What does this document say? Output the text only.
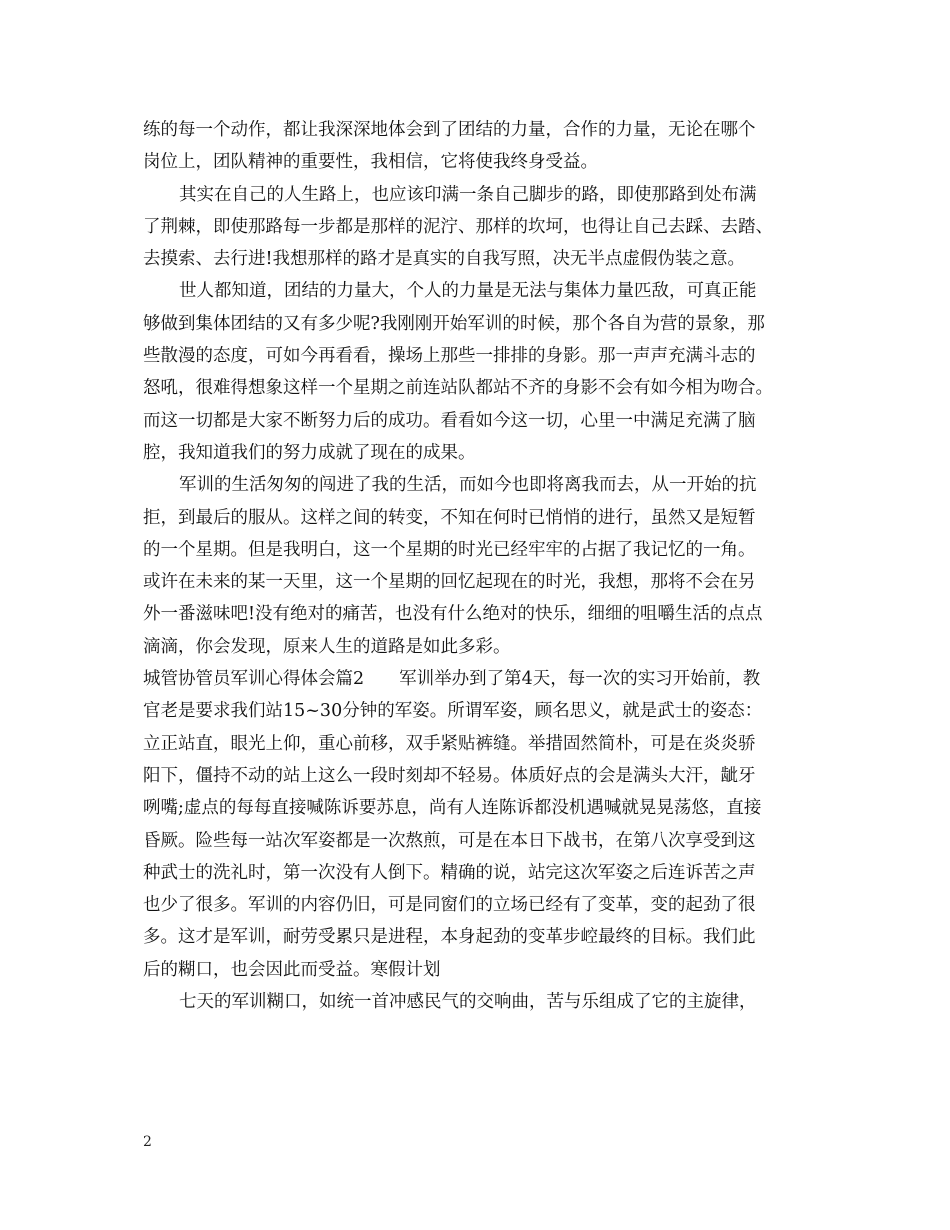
练的每一个动作，都让我深深地体会到了团结的力量，合作的力量，无论在哪个
岗位上，团队精神的重要性，我相信，它将使我终身受益。
其实在自己的人生路上，也应该印满一条自己脚步的路，即使那路到处布满
了荆棘，即使那路每一步都是那样的泥泞、那样的坎坷，也得让自己去踩、去踏、
去摸索、去行进!我想那样的路才是真实的自我写照，决无半点虚假伪装之意。
世人都知道，团结的力量大，个人的力量是无法与集体力量匹敌，可真正能
够做到集体团结的又有多少呢?我刚刚开始军训的时候，那个各自为营的景象，那
些散漫的态度，可如今再看看，操场上那些一排排的身影。那一声声充满斗志的
怒吼，很难得想象这样一个星期之前连站队都站不齐的身影不会有如今相为吻合。
而这一切都是大家不断努力后的成功。看看如今这一切，心里一中满足充满了脑
腔，我知道我们的努力成就了现在的成果。
军训的生活匆匆的闯进了我的生活，而如今也即将离我而去，从一开始的抗
拒，到最后的服从。这样之间的转变，不知在何时已悄悄的进行，虽然又是短暂
的一个星期。但是我明白，这一个星期的时光已经牢牢的占据了我记忆的一角。
或许在未来的某一天里，这一个星期的回忆起现在的时光，我想，那将不会在另
外一番滋味吧!没有绝对的痛苦，也没有什么绝对的快乐，细细的咀嚼生活的点点
滴滴，你会发现，原来人生的道路是如此多彩。
城管协管员军训心得体会篇2　　军训举办到了第4天，每一次的实习开始前，教
官老是要求我们站15~30分钟的军姿。所谓军姿，顾名思义，就是武士的姿态：
立正站直，眼光上仰，重心前移，双手紧贴裤缝。举措固然简朴，可是在炎炎骄
阳下，僵持不动的站上这么一段时刻却不轻易。体质好点的会是满头大汗，龇牙
咧嘴;虚点的每每直接喊陈诉要苏息，尚有人连陈诉都没机遇喊就晃晃荡悠，直接
昏厥。险些每一站次军姿都是一次熬煎，可是在本日下战书，在第八次享受到这
种武士的洗礼时，第一次没有人倒下。精确的说，站完这次军姿之后连诉苦之声
也少了很多。军训的内容仍旧，可是同窗们的立场已经有了变革，变的起劲了很
多。这才是军训，耐劳受累只是进程，本身起劲的变革步崆最终的目标。我们此
后的糊口，也会因此而受益。寒假计划
七天的军训糊口，如统一首冲感民气的交响曲，苦与乐组成了它的主旋律，
2
